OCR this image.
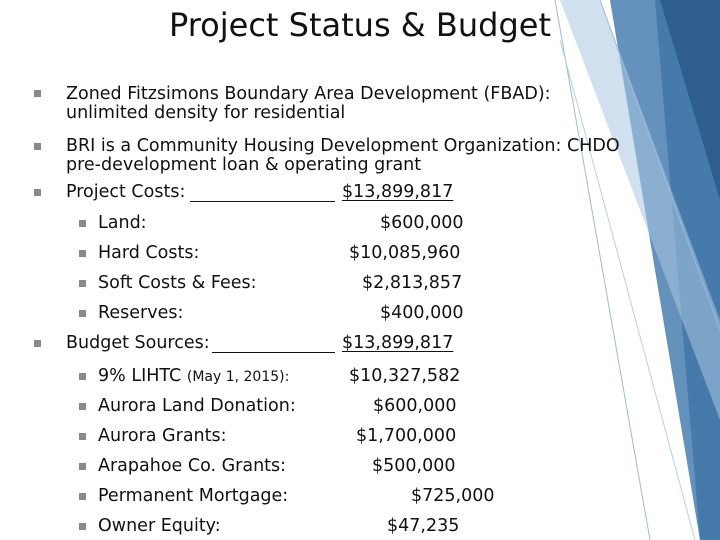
Project Status & Budget
Zoned Fitzsimons Boundary Area Development (FBAD):
unlimited density for residential
BRI is a Community Housing Development Organization: CHDO
pre-development loan & operating grant
Project Costs:	$13,899,817
Land:	$600,000
Hard Costs:	$10,085,960
Soft Costs & Fees:	$2,813,857
Reserves:	$400,000
Budget Sources:	$13,899,817
9% LIHTC (May 1, 2015):	$10,327,582
Aurora Land Donation:	$600,000
Aurora Grants:	$1,700,000
Arapahoe Co. Grants:	$500,000
Permanent Mortgage:	$725,000
Owner Equity:	$47,235
